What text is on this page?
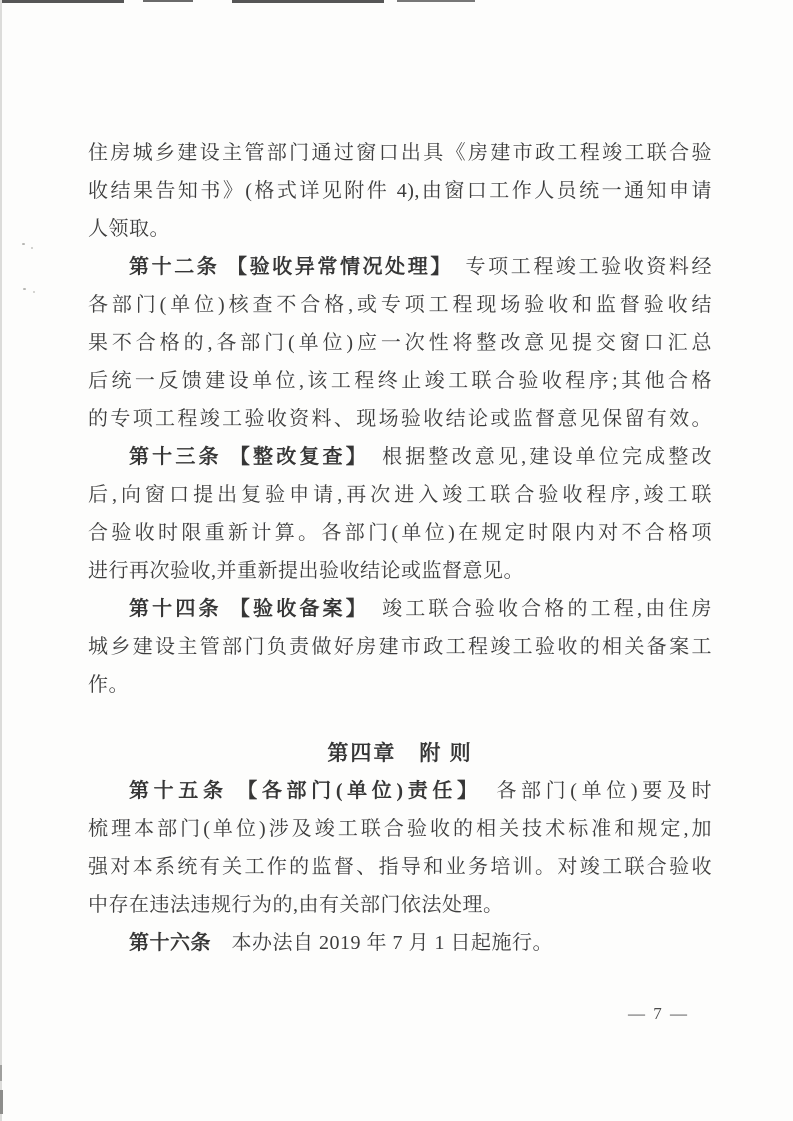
住房城乡建设主管部门通过窗口出具《房建市政工程竣工联合验
收结果告知书》(格式详见附件 4),由窗口工作人员统一通知申请
人领取。
第十二条 【验收异常情况处理】　专项工程竣工验收资料经
各部门(单位)核查不合格,或专项工程现场验收和监督验收结
果不合格的,各部门(单位)应一次性将整改意见提交窗口汇总
后统一反馈建设单位,该工程终止竣工联合验收程序;其他合格
的专项工程竣工验收资料、现场验收结论或监督意见保留有效。
第十三条 【整改复查】　根据整改意见,建设单位完成整改
后,向窗口提出复验申请,再次进入竣工联合验收程序,竣工联
合验收时限重新计算。各部门(单位)在规定时限内对不合格项
进行再次验收,并重新提出验收结论或监督意见。
第十四条 【验收备案】　竣工联合验收合格的工程,由住房
城乡建设主管部门负责做好房建市政工程竣工验收的相关备案工
作。
第四章　附 则
第十五条 【各部门(单位)责任】　各部门(单位)要及时
梳理本部门(单位)涉及竣工联合验收的相关技术标准和规定,加
强对本系统有关工作的监督、指导和业务培训。对竣工联合验收
中存在违法违规行为的,由有关部门依法处理。
第十六条　本办法自 2019 年 7 月 1 日起施行。
— 7 —
